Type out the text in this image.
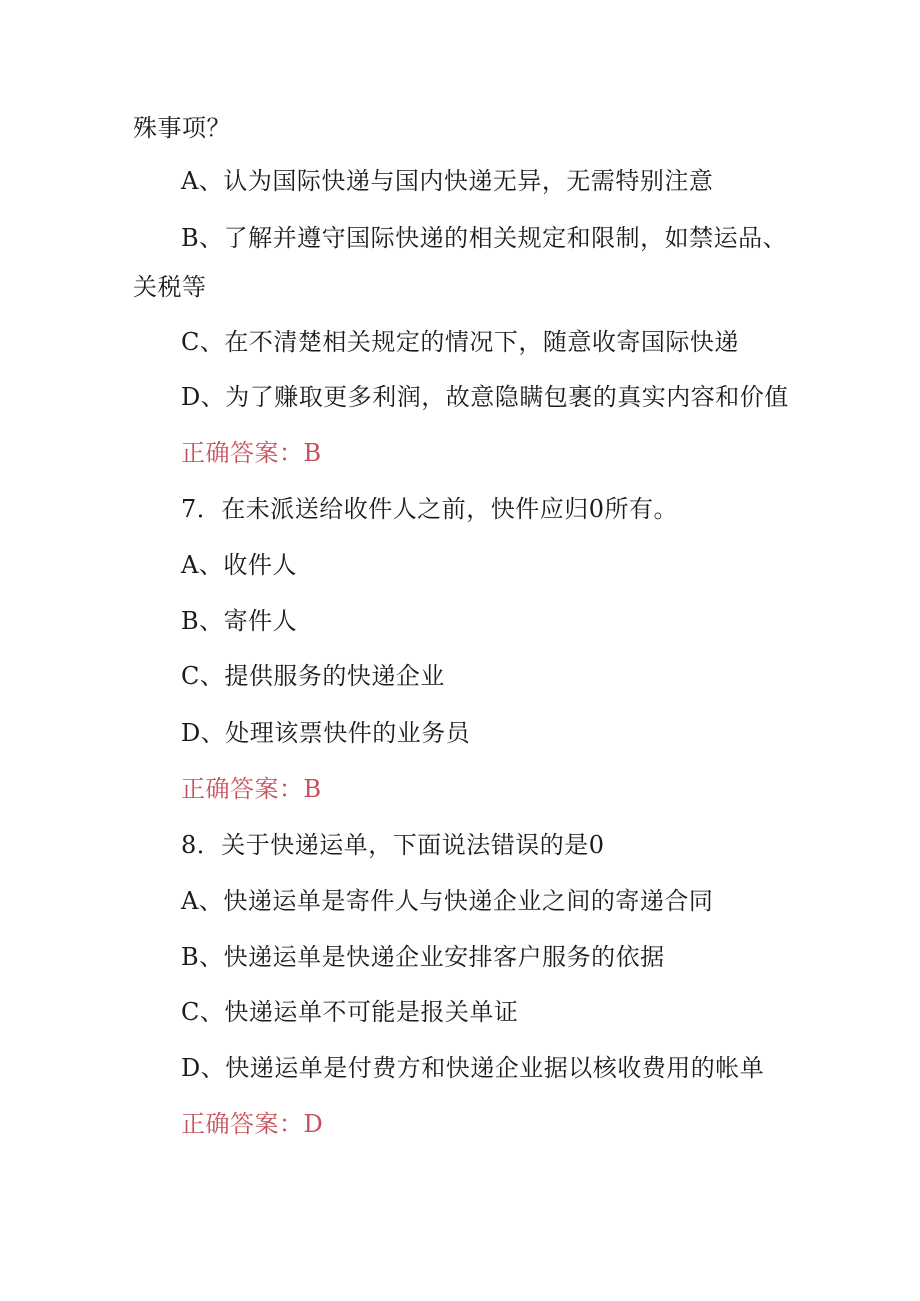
殊事项？
A、认为国际快递与国内快递无异，无需特别注意
B、了解并遵守国际快递的相关规定和限制，如禁运品、
关税等
C、在不清楚相关规定的情况下，随意收寄国际快递
D、为了赚取更多利润，故意隐瞒包裹的真实内容和价值
正确答案：B
7．在未派送给收件人之前，快件应归0所有。
A、收件人
B、寄件人
C、提供服务的快递企业
D、处理该票快件的业务员
正确答案：B
8．关于快递运单，下面说法错误的是0
A、快递运单是寄件人与快递企业之间的寄递合同
B、快递运单是快递企业安排客户服务的依据
C、快递运单不可能是报关单证
D、快递运单是付费方和快递企业据以核收费用的帐单
正确答案：D
